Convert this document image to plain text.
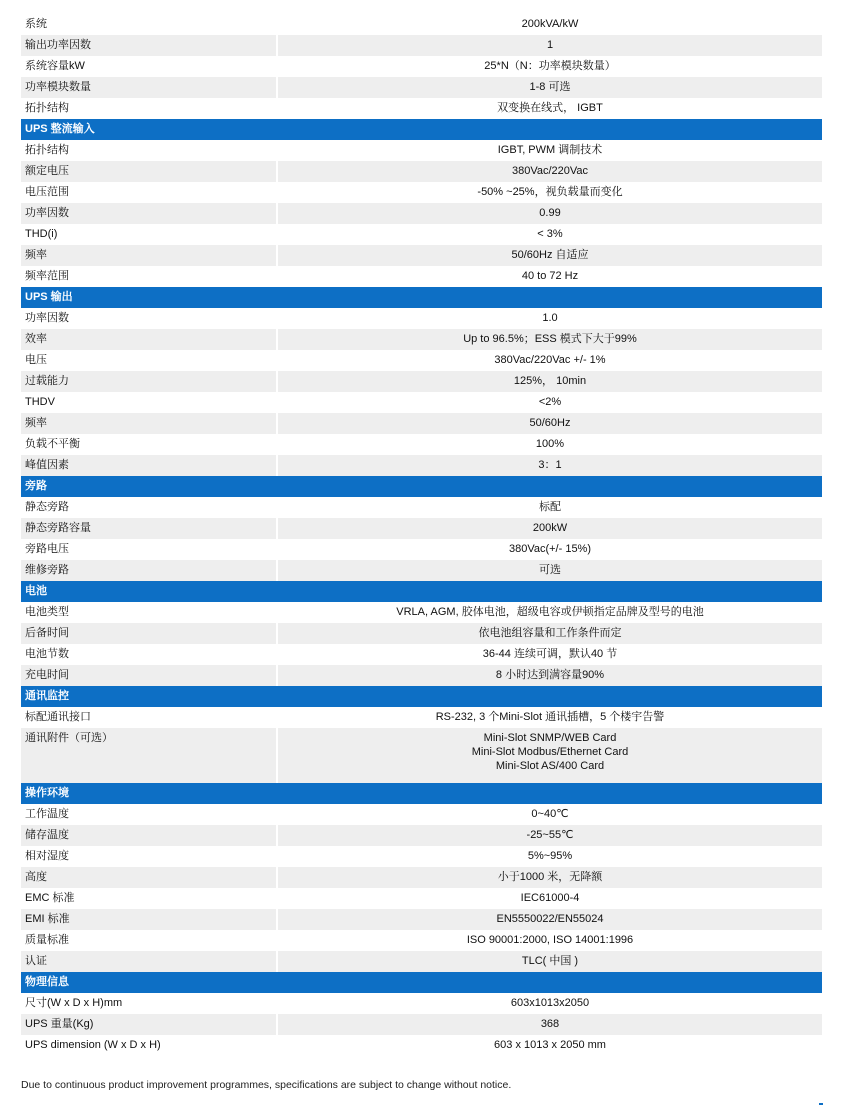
系统	200kVA/kW
输出功率因数	1
系统容量kW	25*N（N：功率模块数量）
功率模块数量	1-8 可选
拓扑结构	双变换在线式， IGBT
UPS 整流输入
拓扑结构	IGBT, PWM 调制技术
额定电压	380Vac/220Vac
电压范围	-50% ~25%，视负载量而变化
功率因数	0.99
THD(i)	< 3%
频率	50/60Hz 自适应
频率范围	40 to 72 Hz
UPS 输出
功率因数	1.0
效率	Up to 96.5%；ESS 模式下大于99%
电压	380Vac/220Vac +/- 1%
过载能力	125%， 10min
THDV	<2%
频率	50/60Hz
负载不平衡	100%
峰值因素	3：1
旁路
静态旁路	标配
静态旁路容量	200kW
旁路电压	380Vac(+/- 15%)
维修旁路	可选
电池
电池类型	VRLA, AGM, 胶体电池，超级电容或伊顿指定品牌及型号的电池
后备时间	依电池组容量和工作条件而定
电池节数	36-44 连续可调，默认40 节
充电时间	8 小时达到满容量90%
通讯监控
标配通讯接口	RS-232, 3 个Mini-Slot 通讯插槽，5 个楼宇告警
通讯附件（可选）	Mini-Slot SNMP/WEB Card
Mini-Slot Modbus/Ethernet Card
Mini-Slot AS/400 Card
操作环境
工作温度	0~40℃
储存温度	-25~55℃
相对湿度	5%~95%
高度	小于1000 米，无降额
EMC 标准	IEC61000-4
EMI 标准	EN5550022/EN55024
质量标准	ISO 90001:2000, ISO 14001:1996
认证	TLC( 中国 )
物理信息
尺寸(W x D x H)mm	603x1013x2050
UPS 重量(Kg)	368
UPS dimension (W x D x H)	603 x 1013 x 2050 mm
Due to continuous product improvement programmes, specifications are subject to change without notice.
